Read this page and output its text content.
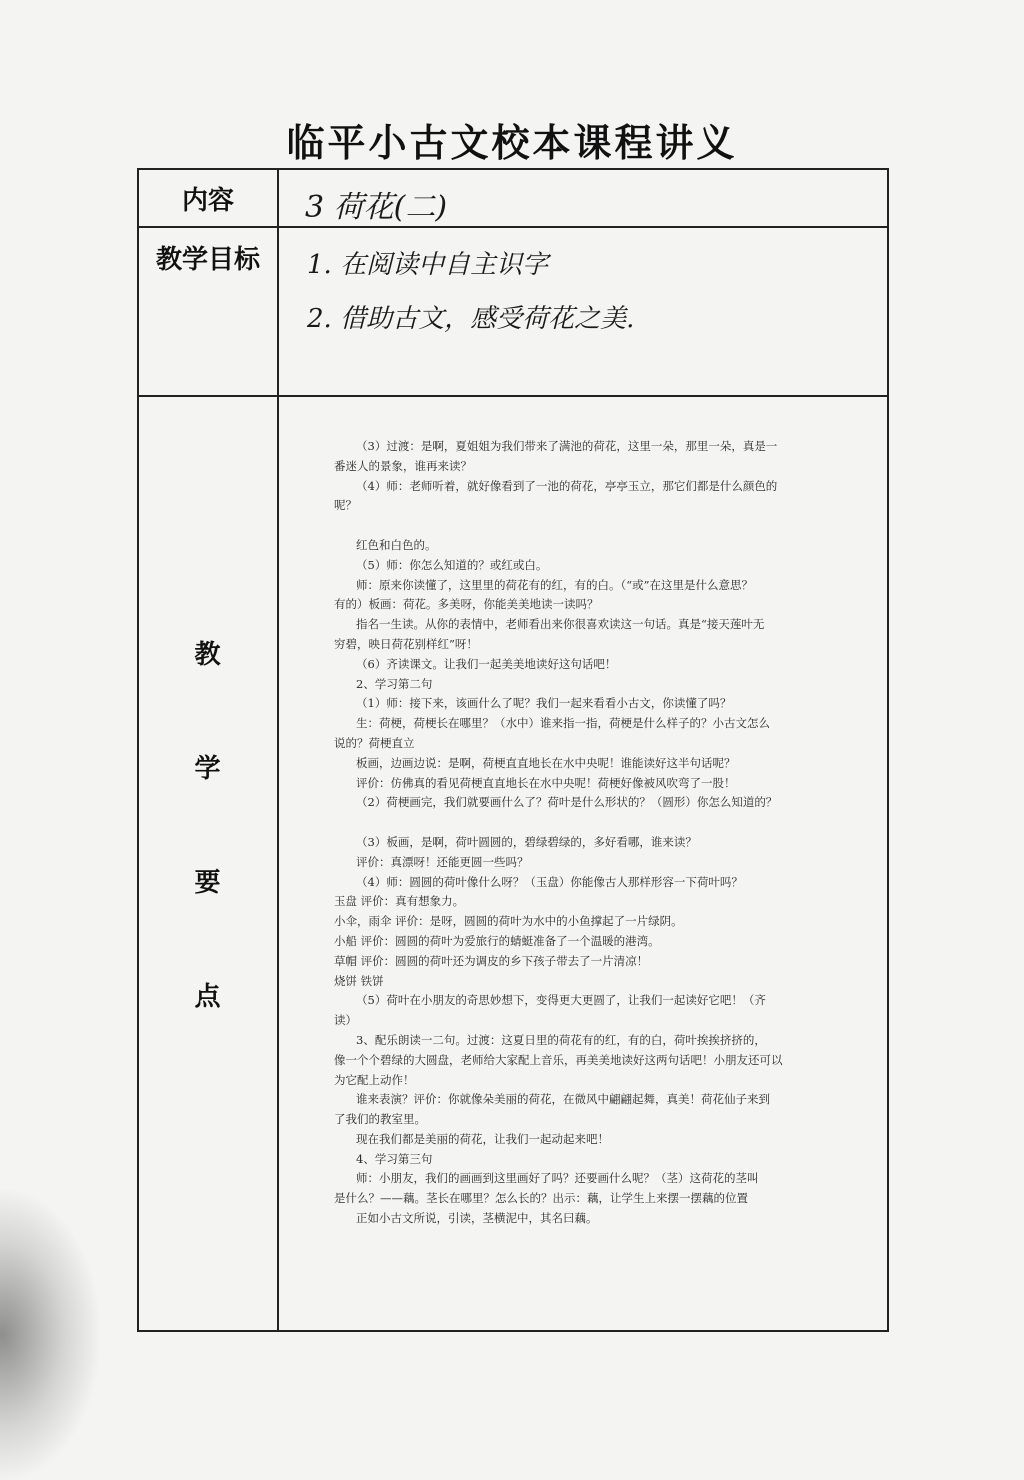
临平小古文校本课程讲义
内容	3 荷花(二)
教学目标	1. 在阅读中自主识字
2. 借助古文，感受荷花之美.
教
学
要
点

（3）过渡：是啊，夏姐姐为我们带来了满池的荷花，这里一朵，那里一朵，真是一

番迷人的景象，谁再来读？

（4）师：老师听着，就好像看到了一池的荷花，亭亭玉立，那它们都是什么颜色的

呢？

红色和白色的。

（5）师：你怎么知道的？或红或白。

师：原来你读懂了，这里里的荷花有的红，有的白。（“或”在这里是什么意思？

有的）板画：荷花。多美呀，你能美美地读一读吗？

指名一生读。从你的表情中，老师看出来你很喜欢读这一句话。真是“接天莲叶无

穷碧，映日荷花别样红”呀！

（6）齐读课文。让我们一起美美地读好这句话吧！

2、学习第二句

（1）师：接下来，该画什么了呢？我们一起来看看小古文，你读懂了吗？

生：荷梗，荷梗长在哪里？（水中）谁来指一指，荷梗是什么样子的？小古文怎么

说的？荷梗直立

板画，边画边说：是啊，荷梗直直地长在水中央呢！谁能读好这半句话呢？

评价：仿佛真的看见荷梗直直地长在水中央呢！荷梗好像被风吹弯了一股！

（2）荷梗画完，我们就要画什么了？荷叶是什么形状的？（圆形）你怎么知道的？

（3）板画，是啊，荷叶圆圆的，碧绿碧绿的，多好看哪，谁来读？

评价：真漂呀！还能更圆一些吗？

（4）师：圆圆的荷叶像什么呀？（玉盘）你能像古人那样形容一下荷叶吗？

玉盘 评价：真有想象力。

小伞，雨伞 评价：是呀，圆圆的荷叶为水中的小鱼撑起了一片绿阴。

小船 评价：圆圆的荷叶为爱旅行的蜻蜓准备了一个温暖的港湾。

草帽 评价：圆圆的荷叶还为调皮的乡下孩子带去了一片清凉！

烧饼 铁饼

（5）荷叶在小朋友的奇思妙想下，变得更大更圆了，让我们一起读好它吧！（齐

读）

3、配乐朗读一二句。过渡：这夏日里的荷花有的红，有的白，荷叶挨挨挤挤的，

像一个个碧绿的大圆盘，老师给大家配上音乐，再美美地读好这两句话吧！小朋友还可以

为它配上动作！

谁来表演？评价：你就像朵美丽的荷花，在微风中翩翩起舞，真美！荷花仙子来到

了我们的教室里。

现在我们都是美丽的荷花，让我们一起动起来吧！

4、学习第三句

师：小朋友，我们的画画到这里画好了吗？还要画什么呢？（茎）这荷花的茎叫

是什么？——藕。茎长在哪里？怎么长的？出示：藕，让学生上来摆一摆藕的位置

正如小古文所说，引读，茎横泥中，其名曰藕。
